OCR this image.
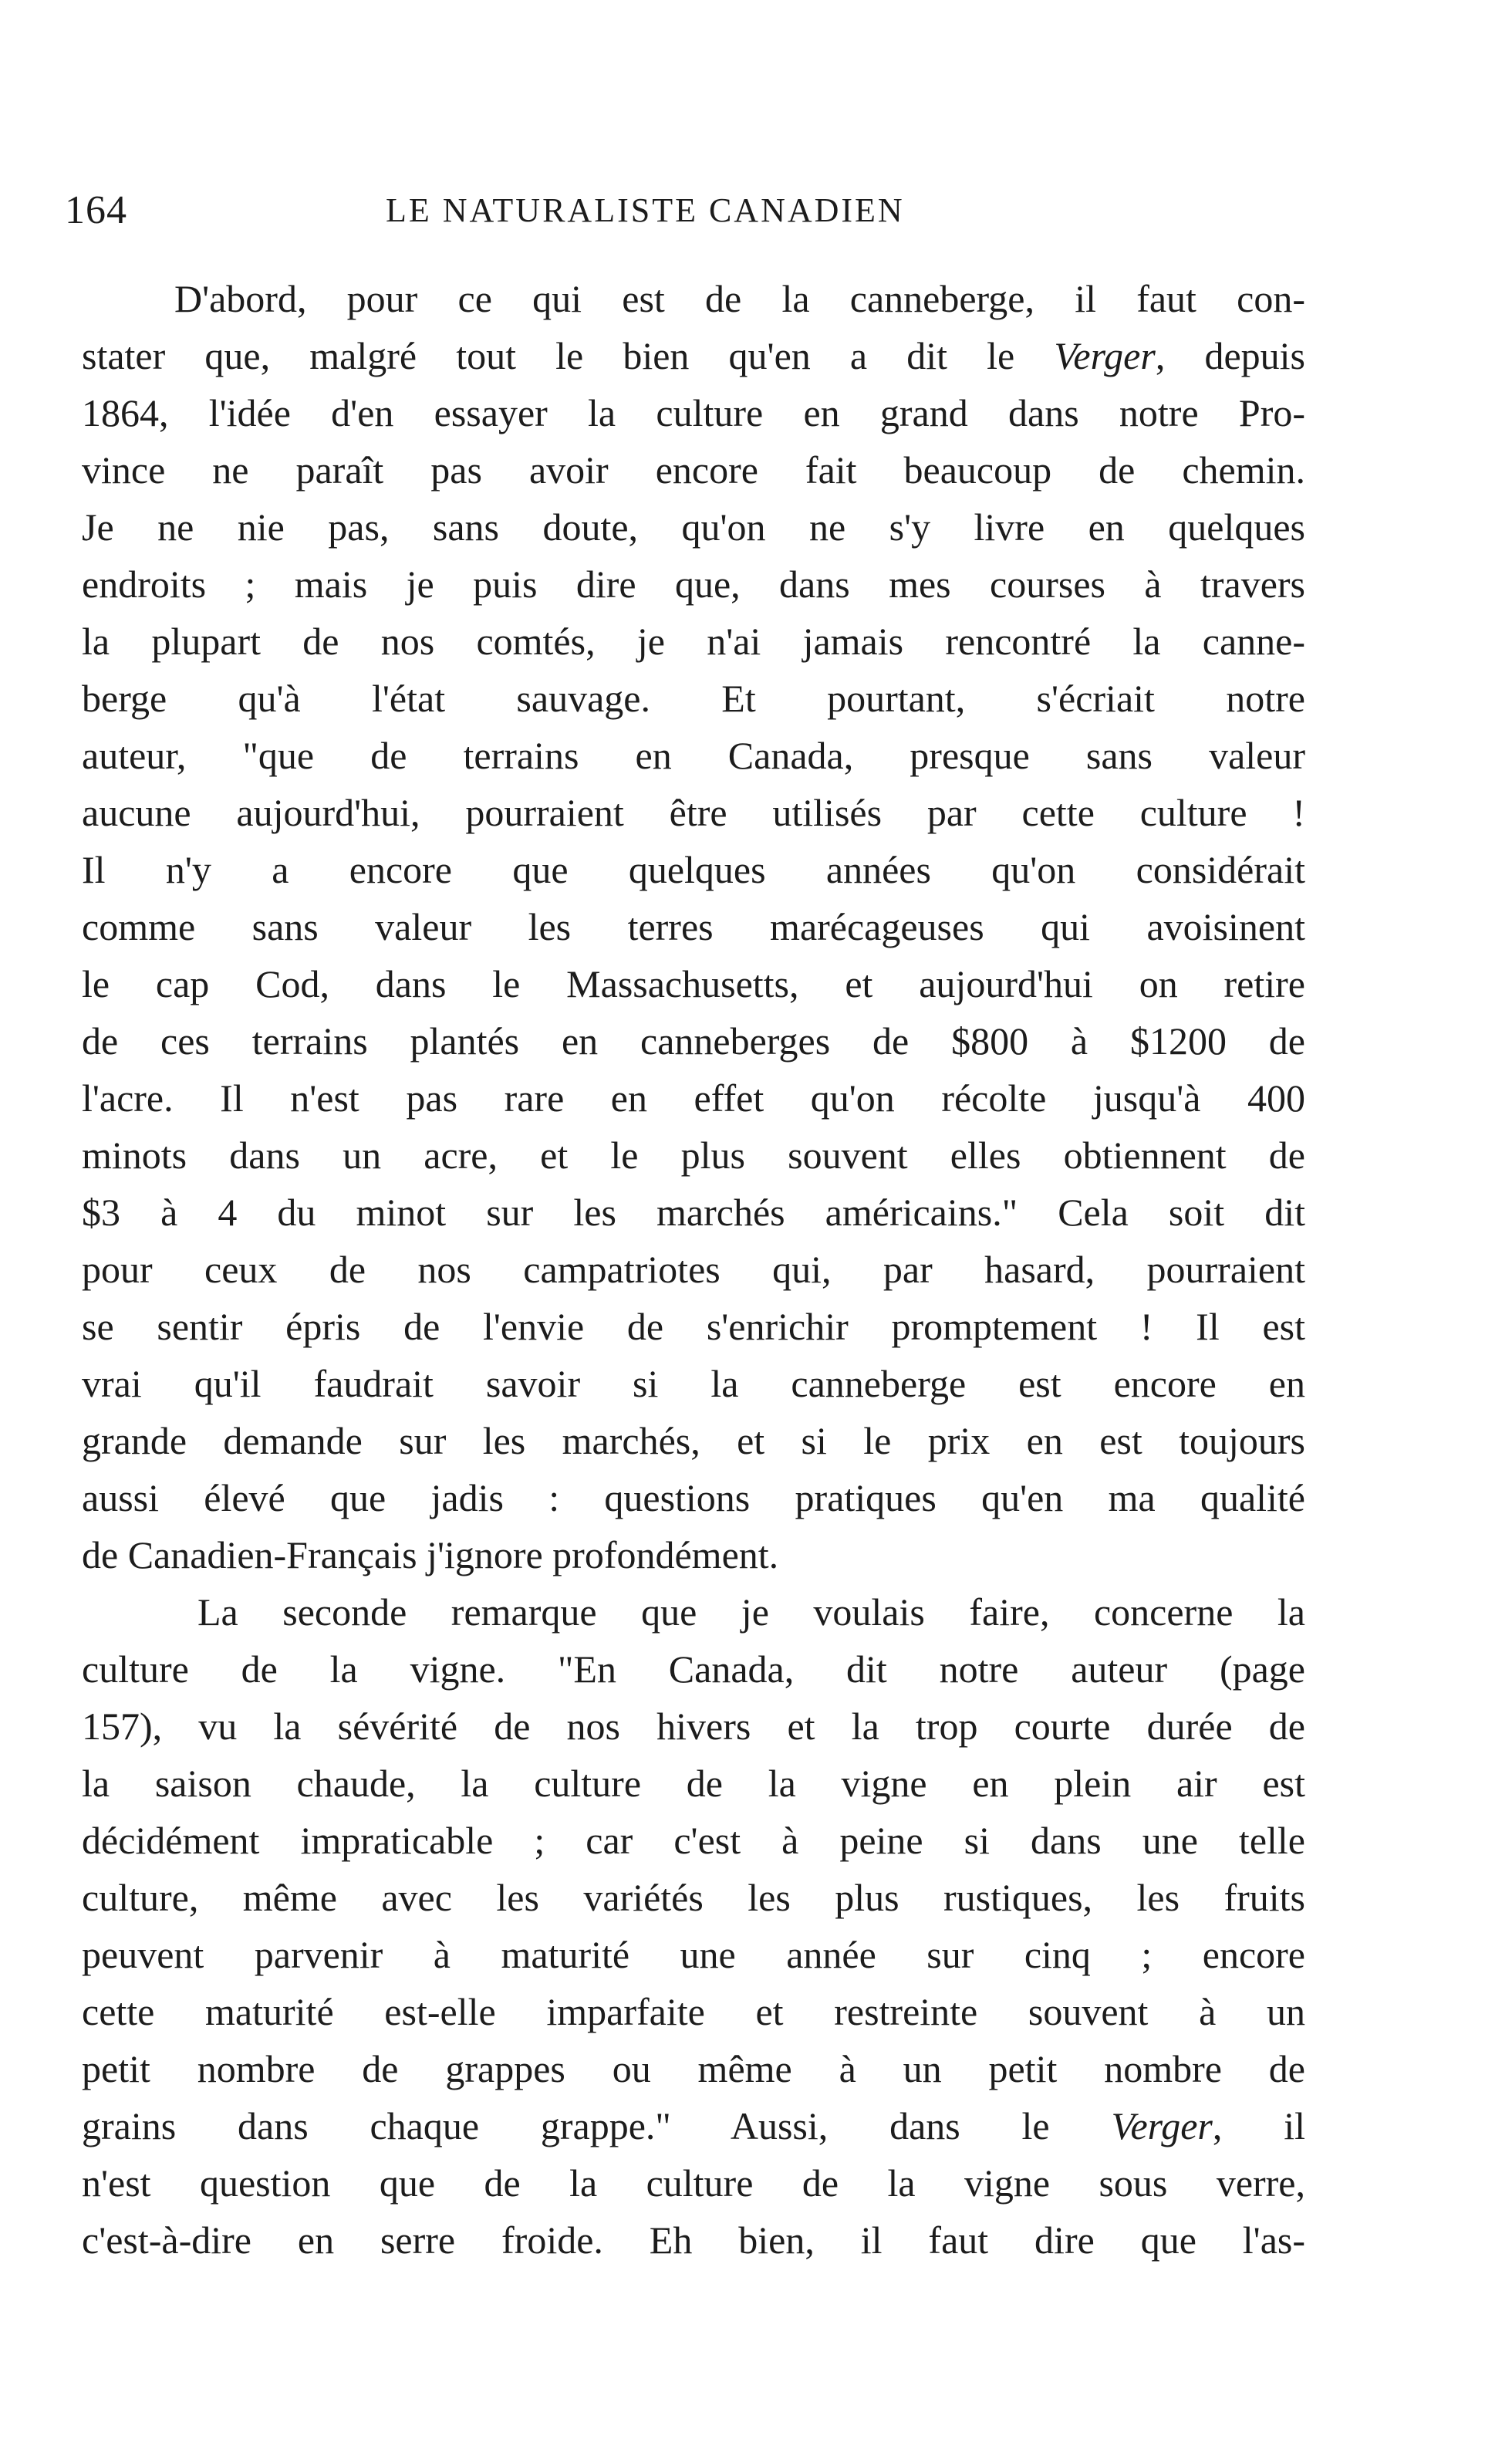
164	LE NATURALISTE CANADIEN
D'abord, pour ce qui est de la canneberge, il faut con-
stater que, malgré tout le bien qu'en a dit le Verger, depuis
1864, l'idée d'en essayer la culture en grand dans notre Pro-
vince ne paraît pas avoir encore fait beaucoup de chemin.
Je ne nie pas, sans doute, qu'on ne s'y livre en quelques
endroits ; mais je puis dire que, dans mes courses à travers
la plupart de nos comtés, je n'ai jamais rencontré la canne-
berge qu'à l'état sauvage. Et pourtant, s'écriait notre
auteur, "que de terrains en Canada, presque sans valeur
aucune aujourd'hui, pourraient être utilisés par cette culture !
Il n'y a encore que quelques années qu'on considérait
comme sans valeur les terres marécageuses qui avoisinent
le cap Cod, dans le Massachusetts, et aujourd'hui on retire
de ces terrains plantés en canneberges de $800 à $1200 de
l'acre. Il n'est pas rare en effet qu'on récolte jusqu'à 400
minots dans un acre, et le plus souvent elles obtiennent de
$3 à 4 du minot sur les marchés américains." Cela soit dit
pour ceux de nos campatriotes qui, par hasard, pourraient
se sentir épris de l'envie de s'enrichir promptement ! Il est
vrai qu'il faudrait savoir si la canneberge est encore en
grande demande sur les marchés, et si le prix en est toujours
aussi élevé que jadis : questions pratiques qu'en ma qualité
de Canadien-Français j'ignore profondément.
La seconde remarque que je voulais faire, concerne la
culture de la vigne. "En Canada, dit notre auteur (page
157), vu la sévérité de nos hivers et la trop courte durée de
la saison chaude, la culture de la vigne en plein air est
décidément impraticable ; car c'est à peine si dans une telle
culture, même avec les variétés les plus rustiques, les fruits
peuvent parvenir à maturité une année sur cinq ; encore
cette maturité est-elle imparfaite et restreinte souvent à un
petit nombre de grappes ou même à un petit nombre de
grains dans chaque grappe." Aussi, dans le Verger, il
n'est question que de la culture de la vigne sous verre,
c'est-à-dire en serre froide. Eh bien, il faut dire que l'as-
